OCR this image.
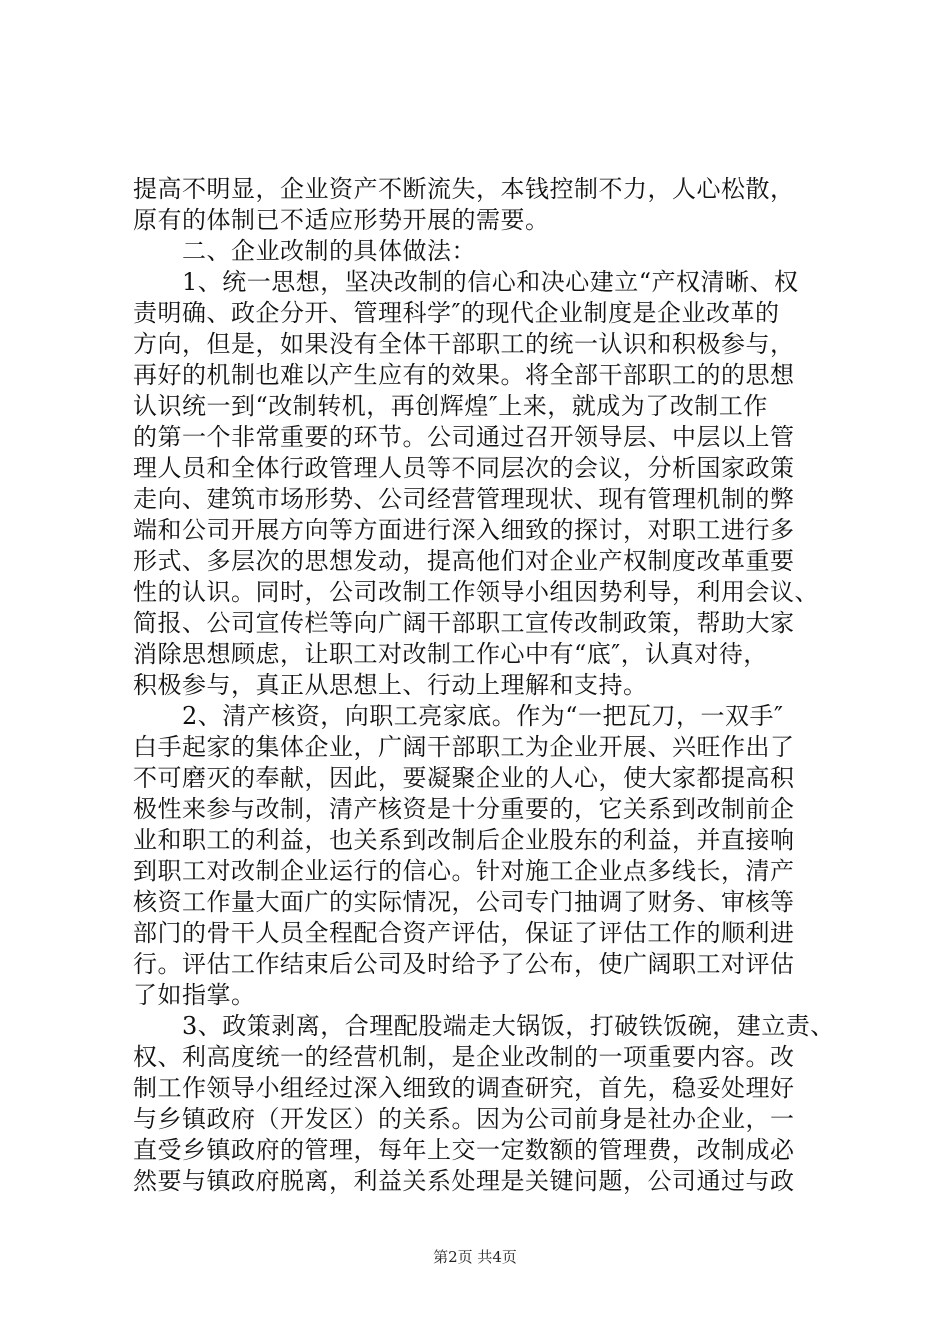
提高不明显，企业资产不断流失，本钱控制不力，人心松散，
原有的体制已不适应形势开展的需要。
　　二、企业改制的具体做法：
　　1、统一思想，坚决改制的信心和决心建立“产权清晰、权
责明确、政企分开、管理科学″的现代企业制度是企业改革的
方向，但是，如果没有全体干部职工的统一认识和积极参与，
再好的机制也难以产生应有的效果。将全部干部职工的的思想
认识统一到“改制转机，再创辉煌″上来，就成为了改制工作
的第一个非常重要的环节。公司通过召开领导层、中层以上管
理人员和全体行政管理人员等不同层次的会议，分析国家政策
走向、建筑市场形势、公司经营管理现状、现有管理机制的弊
端和公司开展方向等方面进行深入细致的探讨，对职工进行多
形式、多层次的思想发动，提高他们对企业产权制度改革重要
性的认识。同时，公司改制工作领导小组因势利导，利用会议、
简报、公司宣传栏等向广阔干部职工宣传改制政策，帮助大家
消除思想顾虑，让职工对改制工作心中有“底″，认真对待，
积极参与，真正从思想上、行动上理解和支持。
　　2、清产核资，向职工亮家底。作为“一把瓦刀，一双手″
白手起家的集体企业，广阔干部职工为企业开展、兴旺作出了
不可磨灭的奉献，因此，要凝聚企业的人心，使大家都提高积
极性来参与改制，清产核资是十分重要的，它关系到改制前企
业和职工的利益，也关系到改制后企业股东的利益，并直接响
到职工对改制企业运行的信心。针对施工企业点多线长，清产
核资工作量大面广的实际情况，公司专门抽调了财务、审核等
部门的骨干人员全程配合资产评估，保证了评估工作的顺利进
行。评估工作结束后公司及时给予了公布，使广阔职工对评估
了如指掌。
　　3、政策剥离，合理配股端走大锅饭，打破铁饭碗，建立责、
权、利高度统一的经营机制，是企业改制的一项重要内容。改
制工作领导小组经过深入细致的调查研究，首先，稳妥处理好
与乡镇政府（开发区）的关系。因为公司前身是社办企业，一
直受乡镇政府的管理，每年上交一定数额的管理费，改制成必
然要与镇政府脱离，利益关系处理是关键问题，公司通过与政
第2页 共4页
